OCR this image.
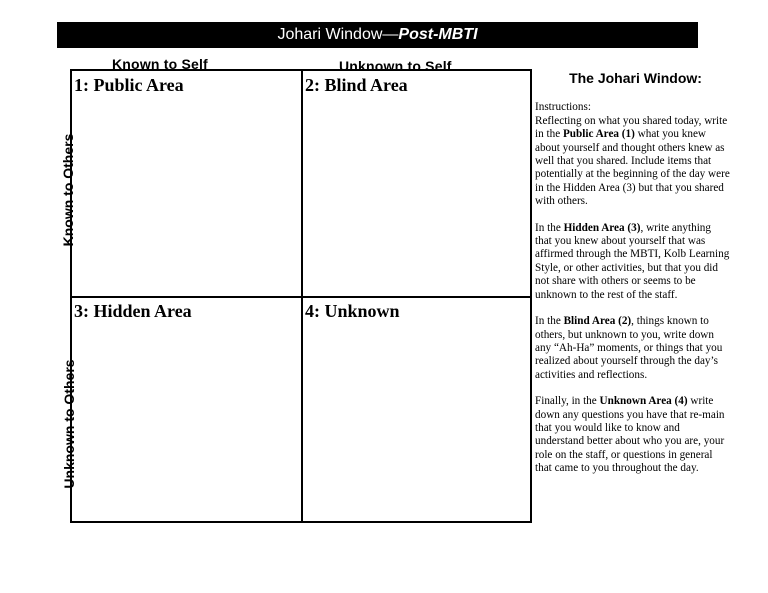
Johari Window— Post-MBTI
Known to Self	Unknown to Self
Known to Others
Unknown to Others
1: Public Area	2: Blind Area
3: Hidden Area	4: Unknown
The Johari Window:

Instructions:
Reflecting on what you shared today, write in the Public Area (1) what you knew about yourself and thought others knew as well that you shared. Include items that potentially at the beginning of the day were in the Hidden Area (3) but that you shared with others.

In the Hidden Area (3), write anything that you knew about yourself that was affirmed through the MBTI, Kolb Learning Style, or other activities, but that you did not share with others or seems to be unknown to the rest of the staff.

In the Blind Area (2), things known to others, but unknown to you, write down any “Ah-Ha” moments, or things that you realized about yourself through the day’s activities and reflections.

Finally, in the Unknown Area (4) write down any questions you have that re-main that you would like to know and understand better about who you are, your role on the staff, or questions in general that came to you throughout the day.
